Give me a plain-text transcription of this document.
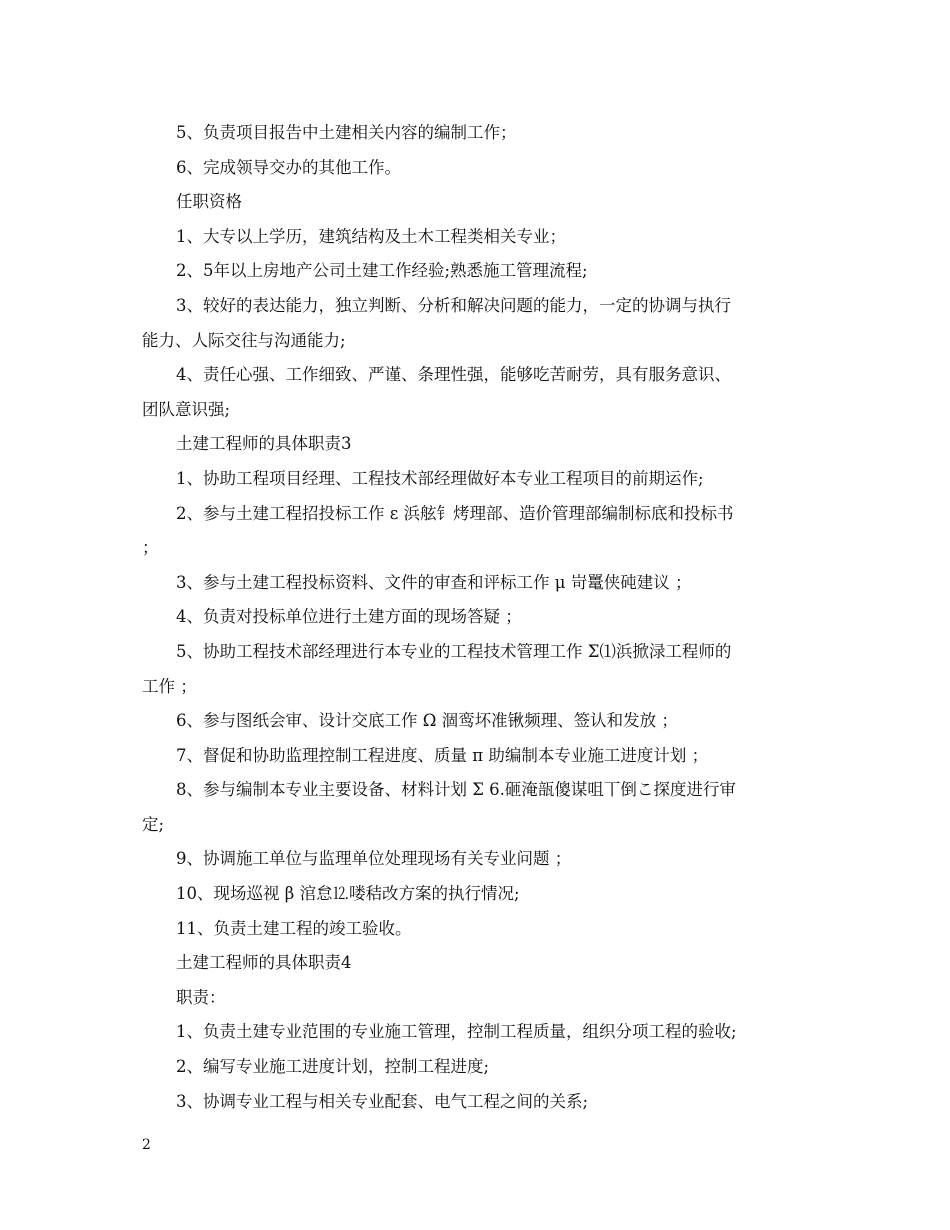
5、负责项目报告中土建相关内容的编制工作；
6、完成领导交办的其他工作。
任职资格
1、大专以上学历，建筑结构及土木工程类相关专业；
2、5年以上房地产公司土建工作经验;熟悉施工管理流程;
3、较好的表达能力，独立判断、分析和解决问题的能力，一定的协调与执行
能力、人际交往与沟通能力;
4、责任心强、工作细致、严谨、条理性强，能够吃苦耐劳，具有服务意识、
团队意识强;
土建工程师的具体职责3
1、协助工程项目经理、工程技术部经理做好本专业工程项目的前期运作;
2、参与土建工程招投标工作 ε 浜舷钅烤理部、造价管理部编制标底和投标书
；
3、参与土建工程投标资料、文件的审查和评标工作 μ 岢鼍侠砘建议 ；
4、负责对投标单位进行土建方面的现场答疑 ；
5、协助工程技术部经理进行本专业的工程技术管理工作 Σ⑴浜掀渌工程师的
工作 ；
6、参与图纸会审、设计交底工作 Ω 涸鸾坏准锹频理、签认和发放 ；
7、督促和协助监理控制工程进度、质量 π 助编制本专业施工进度计划 ；
8、参与编制本专业主要设备、材料计划 Σ 6.砸淹瓿傻谋咀丅倒こ探度进行审
定;
9、协调施工单位与监理单位处理现场有关专业问题 ；
10、现场巡视 β 涫怠⒓喽秸改方案的执行情况;
11、负责土建工程的竣工验收。
土建工程师的具体职责4
职责：
1、负责土建专业范围的专业施工管理，控制工程质量，组织分项工程的验收;
2、编写专业施工进度计划，控制工程进度;
3、协调专业工程与相关专业配套、电气工程之间的关系;
2
